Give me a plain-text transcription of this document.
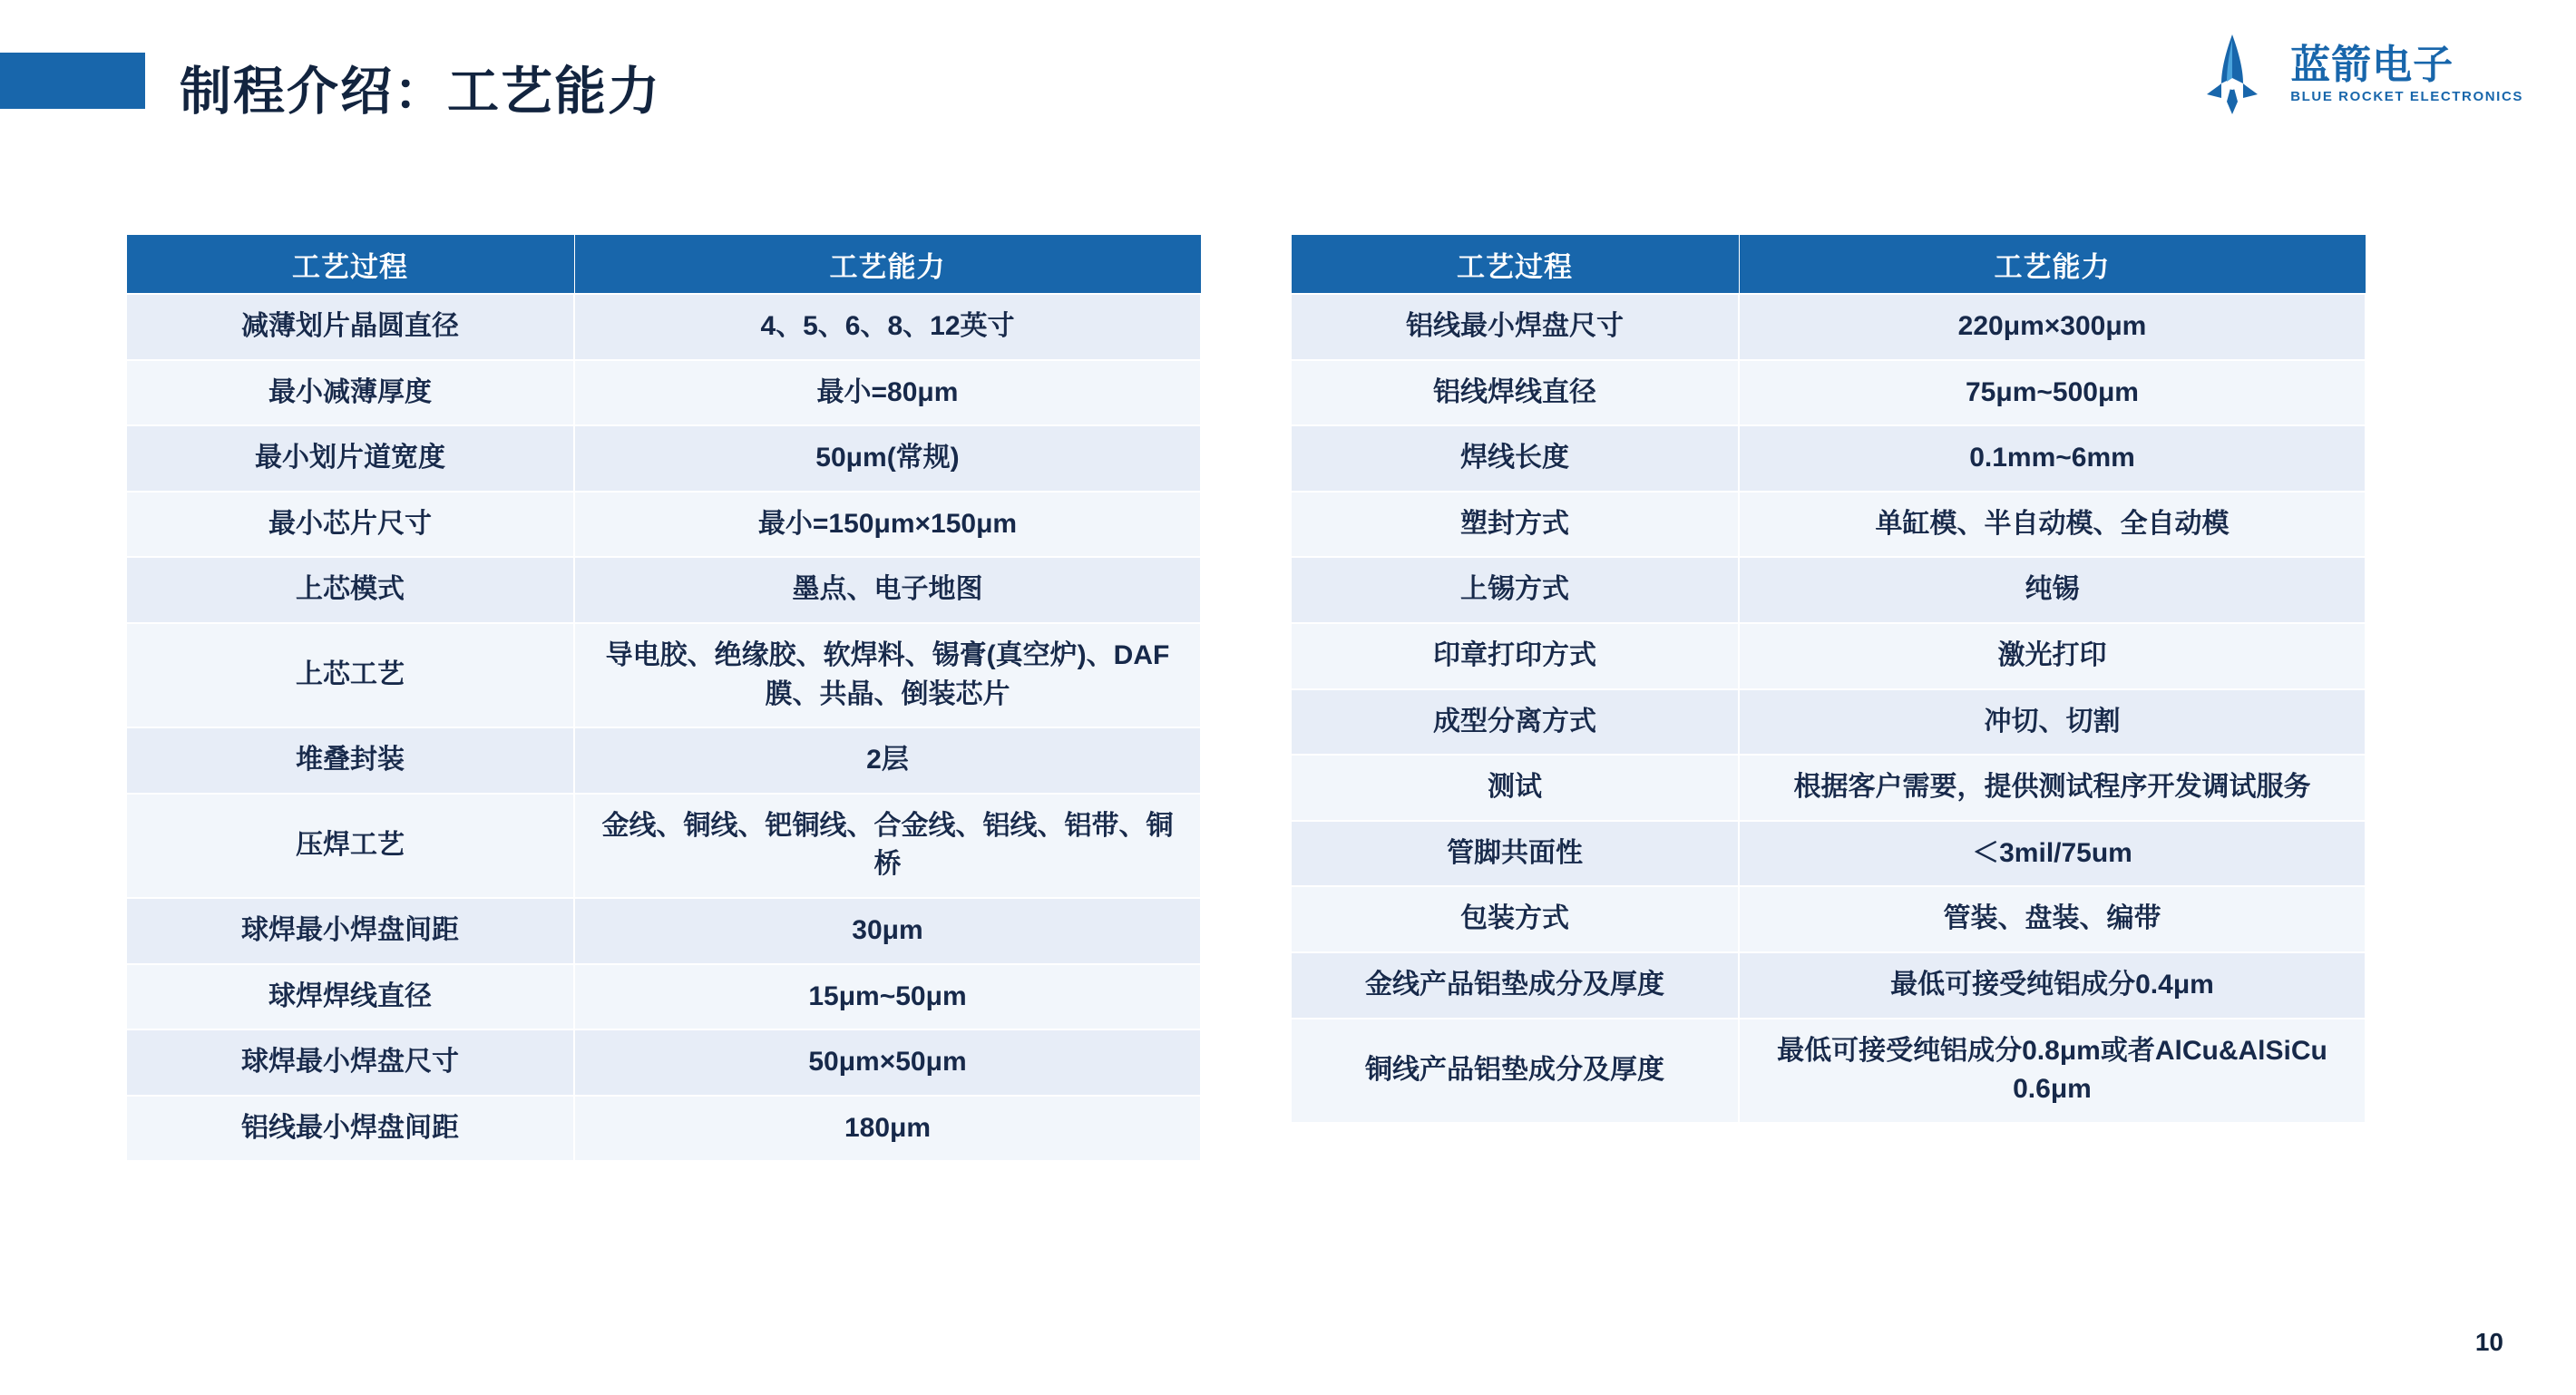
制程介绍：工艺能力	蓝箭电子
BLUE ROCKET ELECTRONICS
工艺过程	工艺能力
减薄划片晶圆直径	4、5、6、8、12英寸
最小减薄厚度	最小=80μm
最小划片道宽度	50μm(常规)
最小芯片尺寸	最小=150μm×150μm
上芯模式	墨点、电子地图
上芯工艺	导电胶、绝缘胶、软焊料、锡膏(真空炉)、DAF膜、共晶、倒装芯片
堆叠封装	2层
压焊工艺	金线、铜线、钯铜线、合金线、铝线、铝带、铜桥
球焊最小焊盘间距	30μm
球焊焊线直径	15μm~50μm
球焊最小焊盘尺寸	50μm×50μm
铝线最小焊盘间距	180μm
工艺过程	工艺能力
铝线最小焊盘尺寸	220μm×300μm
铝线焊线直径	75μm~500μm
焊线长度	0.1mm~6mm
塑封方式	单缸模、半自动模、全自动模
上锡方式	纯锡
印章打印方式	激光打印
成型分离方式	冲切、切割
测试	根据客户需要，提供测试程序开发调试服务
管脚共面性	＜3mil/75um
包装方式	管装、盘装、编带
金线产品铝垫成分及厚度	最低可接受纯铝成分0.4μm
铜线产品铝垫成分及厚度	最低可接受纯铝成分0.8μm或者AlCu&AlSiCu 0.6μm
10
